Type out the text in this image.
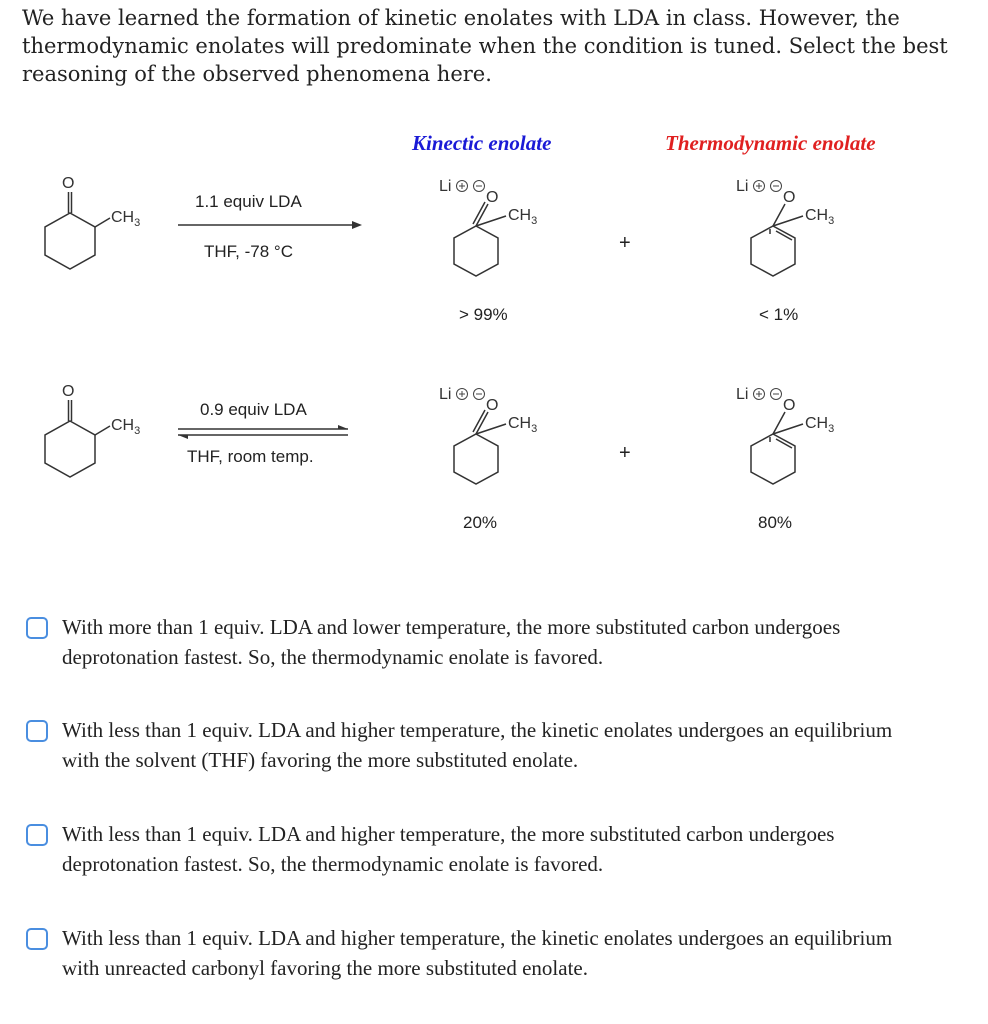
We have learned the formation of kinetic enolates with LDA in class. However, the thermodynamic enolates will predominate when the condition is tuned. Select the best reasoning of the observed phenomena here.
Kinectic enolate	Thermodynamic enolate
O
$CH_3$
1.1 equiv LDA
THF, -78 °C
Li
O
$CH_3$
+
Li
O
$CH_3$
> 99%	< 1%
O
$CH_3$
0.9 equiv LDA
THF, room temp.
Li
O
$CH_3$
+
Li
O
$CH_3$
20%	80%
With more than 1 equiv. LDA and lower temperature, the more substituted carbon undergoes deprotonation fastest. So, the thermodynamic enolate is favored.
With less than 1 equiv. LDA and higher temperature, the kinetic enolates undergoes an equilibrium with the solvent (THF) favoring the more substituted enolate.
With less than 1 equiv. LDA and higher temperature, the more substituted carbon undergoes deprotonation fastest. So, the thermodynamic enolate is favored.
With less than 1 equiv. LDA and higher temperature, the kinetic enolates undergoes an equilibrium with unreacted carbonyl favoring the more substituted enolate.
